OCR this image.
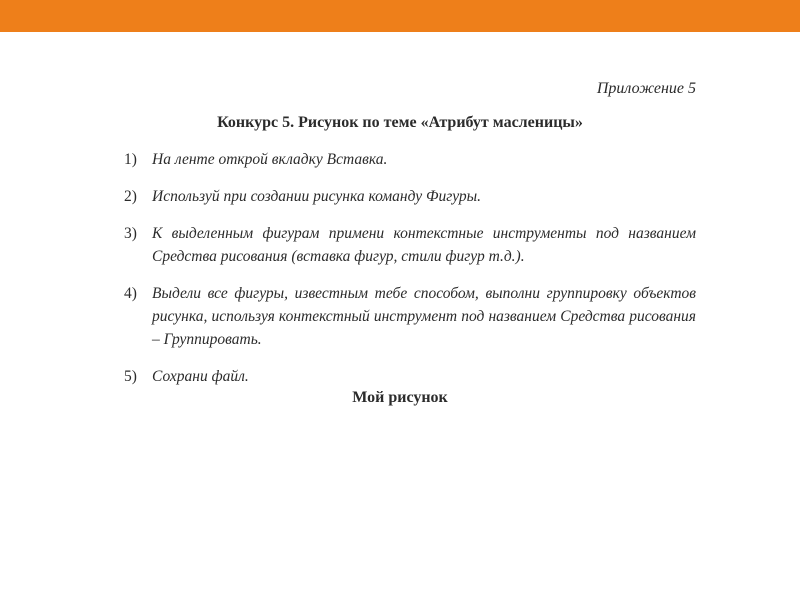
Приложение 5
Конкурс 5. Рисунок по теме «Атрибут масленицы»
1) На ленте открой вкладку Вставка.
2) Используй при создании рисунка команду Фигуры.
3) К выделенным фигурам примени контекстные инструменты под названием Средства рисования (вставка фигур, стили фигур т.д.).
4) Выдели все фигуры, известным тебе способом, выполни группировку объектов рисунка, используя контекстный инструмент под названием Средства рисования – Группировать.
5) Сохрани файл.
Мой рисунок
